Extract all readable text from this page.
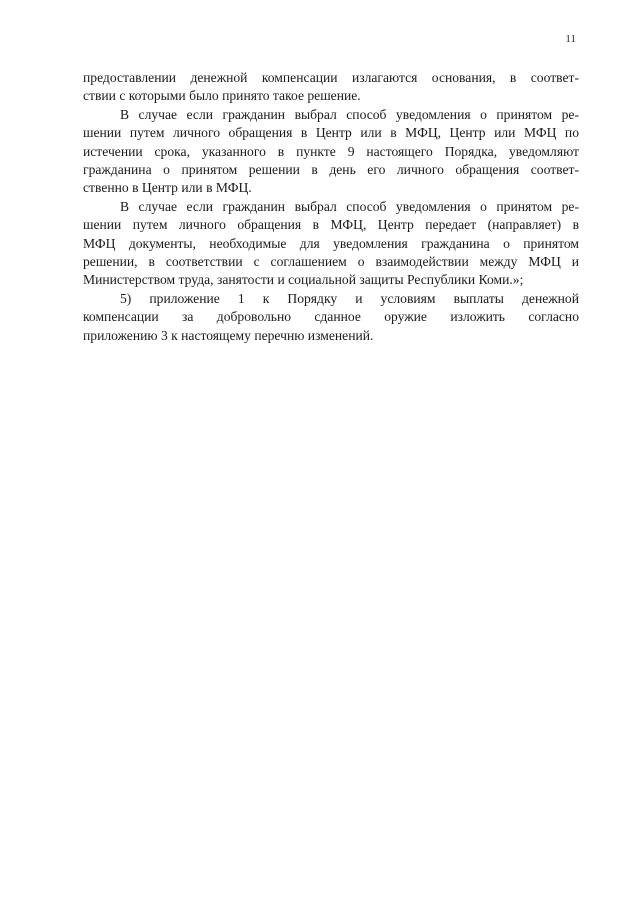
11
предоставлении денежной компенсации излагаются основания, в соответ-
ствии с которыми было принято такое решение.
В случае если гражданин выбрал способ уведомления о принятом ре-
шении путем личного обращения в Центр или в МФЦ, Центр или МФЦ по
истечении срока, указанного в пункте 9 настоящего Порядка, уведомляют
гражданина о принятом решении в день его личного обращения соответ-
ственно в Центр или в МФЦ.
В случае если гражданин выбрал способ уведомления о принятом ре-
шении путем личного обращения в МФЦ, Центр передает (направляет) в
МФЦ документы, необходимые для уведомления гражданина о принятом
решении, в соответствии с соглашением о взаимодействии между МФЦ и
Министерством труда, занятости и социальной защиты Республики Коми.»;
5) приложение 1 к Порядку и условиям выплаты денежной
компенсации за добровольно сданное оружие изложить согласно
приложению 3 к настоящему перечню изменений.
